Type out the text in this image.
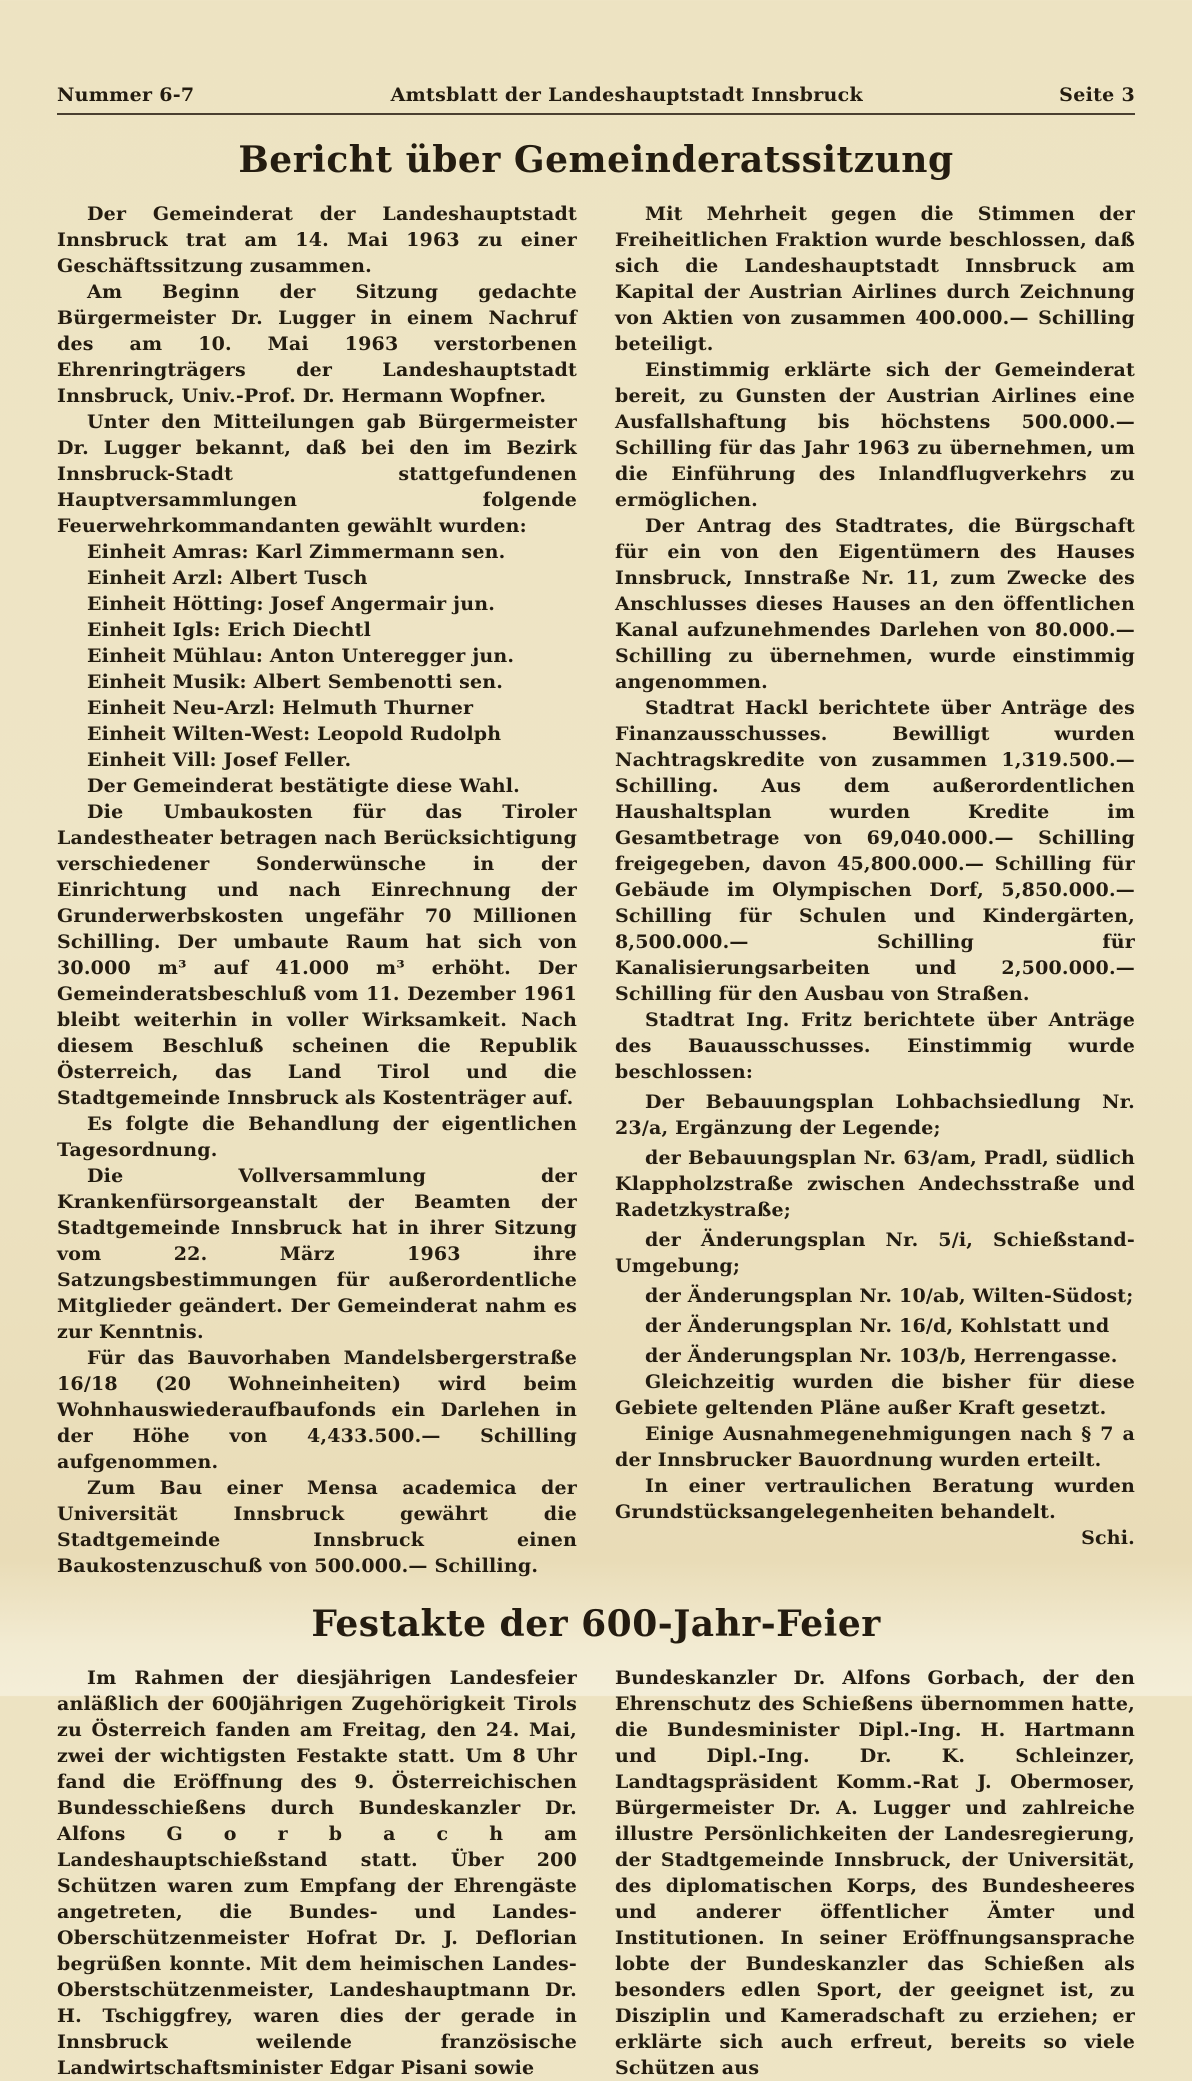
Nummer 6-7	Amtsblatt der Landeshauptstadt Innsbruck	Seite 3
Bericht über Gemeinderatssitzung

Der Gemeinderat der Landeshauptstadt Innsbruck trat am 14. Mai 1963 zu einer Geschäftssitzung zusammen.

Am Beginn der Sitzung gedachte Bürgermeister Dr. Lugger in einem Nachruf des am 10. Mai 1963 verstorbenen Ehrenringträgers der Landeshauptstadt Innsbruck, Univ.-Prof. Dr. Hermann Wopfner.

Unter den Mitteilungen gab Bürgermeister Dr. Lugger bekannt, daß bei den im Bezirk Innsbruck-Stadt stattgefundenen Hauptversammlungen folgende Feuerwehrkommandanten gewählt wurden:

Einheit Amras: Karl Zimmermann sen.

Einheit Arzl: Albert Tusch

Einheit Hötting: Josef Angermair jun.

Einheit Igls: Erich Diechtl

Einheit Mühlau: Anton Unteregger jun.

Einheit Musik: Albert Sembenotti sen.

Einheit Neu-Arzl: Helmuth Thurner

Einheit Wilten-West: Leopold Rudolph

Einheit Vill: Josef Feller.

Der Gemeinderat bestätigte diese Wahl.

Die Umbaukosten für das Tiroler Landestheater betragen nach Berücksichtigung verschiedener Sonderwünsche in der Einrichtung und nach Einrechnung der Grunderwerbskosten ungefähr 70 Millionen Schilling. Der umbaute Raum hat sich von 30.000 m³ auf 41.000 m³ erhöht. Der Gemeinderatsbeschluß vom 11. Dezember 1961 bleibt weiterhin in voller Wirksamkeit. Nach diesem Beschluß scheinen die Republik Österreich, das Land Tirol und die Stadtgemeinde Innsbruck als Kostenträger auf.

Es folgte die Behandlung der eigentlichen Tagesordnung.

Die Vollversammlung der Krankenfürsorgeanstalt der Beamten der Stadtgemeinde Innsbruck hat in ihrer Sitzung vom 22. März 1963 ihre Satzungsbestimmungen für außerordentliche Mitglieder geändert. Der Gemeinderat nahm es zur Kenntnis.

Für das Bauvorhaben Mandelsbergerstraße 16/18 (20 Wohneinheiten) wird beim Wohnhauswiederaufbaufonds ein Darlehen in der Höhe von 4,433.500.— Schilling aufgenommen.

Zum Bau einer Mensa academica der Universität Innsbruck gewährt die Stadtgemeinde Innsbruck einen Baukostenzuschuß von 500.000.— Schilling.

Mit Mehrheit gegen die Stimmen der Freiheitlichen Fraktion wurde beschlossen, daß sich die Landeshauptstadt Innsbruck am Kapital der Austrian Airlines durch Zeichnung von Aktien von zusammen 400.000.— Schilling beteiligt.

Einstimmig erklärte sich der Gemeinderat bereit, zu Gunsten der Austrian Airlines eine Ausfallshaftung bis höchstens 500.000.— Schilling für das Jahr 1963 zu übernehmen, um die Einführung des Inlandflugverkehrs zu ermöglichen.

Der Antrag des Stadtrates, die Bürgschaft für ein von den Eigentümern des Hauses Innsbruck, Innstraße Nr. 11, zum Zwecke des Anschlusses dieses Hauses an den öffentlichen Kanal aufzunehmendes Darlehen von 80.000.— Schilling zu übernehmen, wurde einstimmig angenommen.

Stadtrat Hackl berichtete über Anträge des Finanzausschusses. Bewilligt wurden Nachtragskredite von zusammen 1,319.500.— Schilling. Aus dem außerordentlichen Haushaltsplan wurden Kredite im Gesamtbetrage von 69,040.000.— Schilling freigegeben, davon 45,800.000.— Schilling für Gebäude im Olympischen Dorf, 5,850.000.— Schilling für Schulen und Kindergärten, 8,500.000.— Schilling für Kanalisierungsarbeiten und 2,500.000.— Schilling für den Ausbau von Straßen.

Stadtrat Ing. Fritz berichtete über Anträge des Bauausschusses. Einstimmig wurde beschlossen:

Der Bebauungsplan Lohbachsiedlung Nr. 23/a, Ergänzung der Legende;

der Bebauungsplan Nr. 63/am, Pradl, südlich Klappholzstraße zwischen Andechsstraße und Radetzkystraße;

der Änderungsplan Nr. 5/i, Schießstand-Umgebung;

der Änderungsplan Nr. 10/ab, Wilten-Südost;

der Änderungsplan Nr. 16/d, Kohlstatt und

der Änderungsplan Nr. 103/b, Herrengasse.

Gleichzeitig wurden die bisher für diese Gebiete geltenden Pläne außer Kraft gesetzt.

Einige Ausnahmegenehmigungen nach § 7 a der Innsbrucker Bauordnung wurden erteilt.

In einer vertraulichen Beratung wurden Grundstücksangelegenheiten behandelt.
Schi.

Festakte der 600-Jahr-Feier

Im Rahmen der diesjährigen Landesfeier anläßlich der 600jährigen Zugehörigkeit Tirols zu Österreich fanden am Freitag, den 24. Mai, zwei der wichtigsten Festakte statt. Um 8 Uhr fand die Eröffnung des 9. Österreichischen Bundesschießens durch Bundeskanzler Dr. Alfons G o r b a c h am Landeshauptschießstand statt. Über 200 Schützen waren zum Empfang der Ehrengäste angetreten, die Bundes- und Landes-Oberschützenmeister Hofrat Dr. J. Deflorian begrüßen konnte. Mit dem heimischen Landes-Oberstschützenmeister, Landeshauptmann Dr. H. Tschiggfrey, waren dies der gerade in Innsbruck weilende französische Landwirtschaftsminister Edgar Pisani sowie

Bundeskanzler Dr. Alfons Gorbach, der den Ehrenschutz des Schießens übernommen hatte, die Bundesminister Dipl.-Ing. H. Hartmann und Dipl.-Ing. Dr. K. Schleinzer, Landtagspräsident Komm.-Rat J. Obermoser, Bürgermeister Dr. A. Lugger und zahlreiche illustre Persönlichkeiten der Landesregierung, der Stadtgemeinde Innsbruck, der Universität, des diplomatischen Korps, des Bundesheeres und anderer öffentlicher Ämter und Institutionen. In seiner Eröffnungsansprache lobte der Bundeskanzler das Schießen als besonders edlen Sport, der geeignet ist, zu Disziplin und Kameradschaft zu erziehen; er erklärte sich auch erfreut, bereits so viele Schützen aus
